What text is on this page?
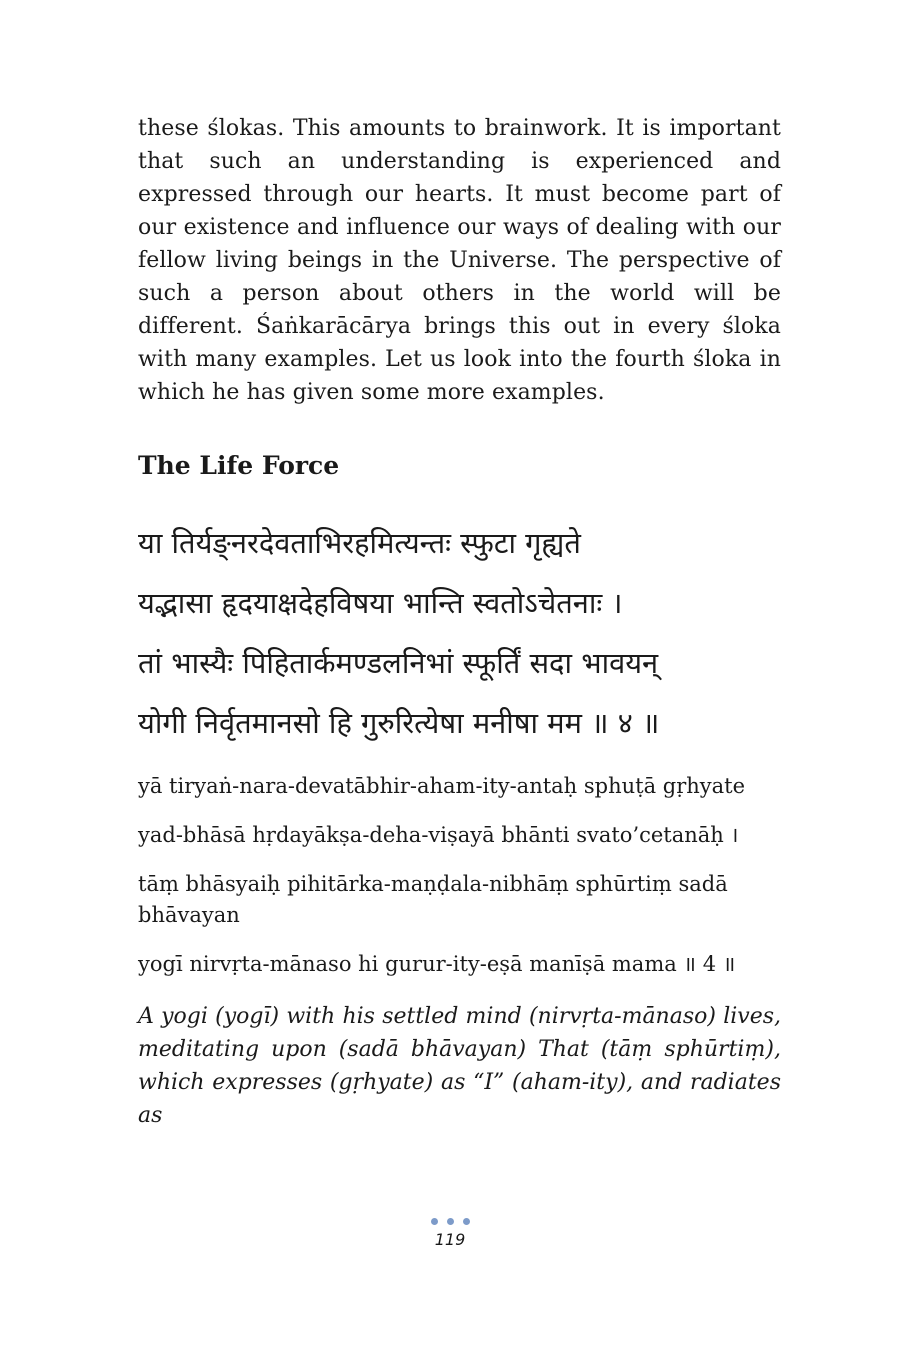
these ślokas. This amounts to brainwork. It is important that such an understanding is experienced and expressed through our hearts. It must become part of our existence and influence our ways of dealing with our fellow living beings in the Universe. The perspective of such a person about others in the world will be different. Śaṅkarācārya brings this out in every śloka with many examples. Let us look into the fourth śloka in which he has given some more examples.

The Life Force
या तिर्यङ्नरदेवताभिरहमित्यन्तः स्फुटा गृह्यते
यद्भासा हृदयाक्षदेहविषया भान्ति स्वतोऽचेतनाः ।
तां भास्यैः पिहितार्कमण्डलनिभां स्फूर्तिं सदा भावयन्
योगी निर्वृतमानसो हि गुरुरित्येषा मनीषा मम ॥ ४ ॥
yā tiryaṅ-nara-devatābhir-aham-ity-antaḥ sphuṭā gṛhyate
yad-bhāsā hṛdayākṣa-deha-viṣayā bhānti svato’cetanāḥ ।
tāṃ bhāsyaiḥ pihitārka-maṇḍala-nibhāṃ sphūrtiṃ sadā bhāvayan
yogī nirvṛta-mānaso hi gurur-ity-eṣā manīṣā mama ॥ 4 ॥

A yogi (yogī) with his settled mind (nirvṛta-mānaso) lives, meditating upon (sadā bhāvayan) That (tāṃ sphūrtiṃ), which expresses (gṛhyate) as “I” (aham-ity), and radiates as

119
